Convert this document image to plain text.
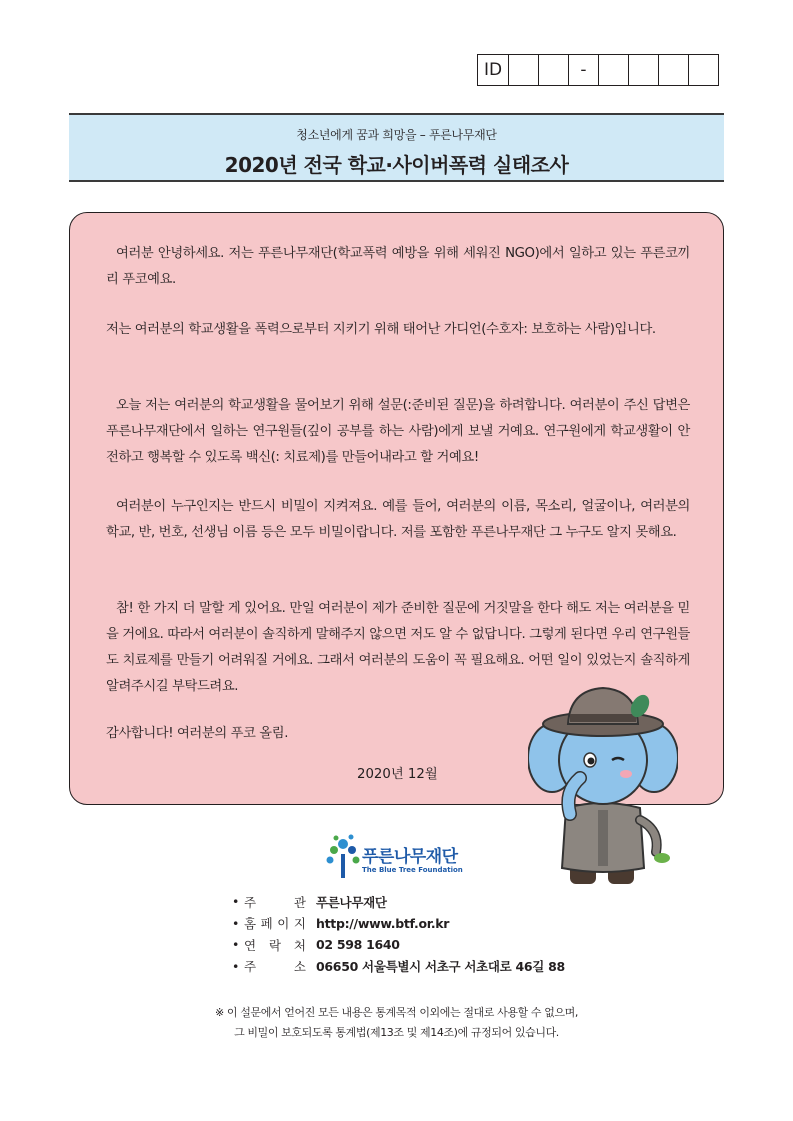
ID	-
청소년에게 꿈과 희망을 – 푸른나무재단
2020년 전국 학교·사이버폭력 실태조사
여러분 안녕하세요. 저는 푸른나무재단(학교폭력 예방을 위해 세워진 NGO)에서 일하고 있는 푸른코끼리 푸코예요.
저는 여러분의 학교생활을 폭력으로부터 지키기 위해 태어난 가디언(수호자: 보호하는 사람)입니다.
오늘 저는 여러분의 학교생활을 물어보기 위해 설문(:준비된 질문)을 하려합니다. 여러분이 주신 답변은 푸른나무재단에서 일하는 연구원들(깊이 공부를 하는 사람)에게 보낼 거예요. 연구원에게 학교생활이 안전하고 행복할 수 있도록 백신(: 치료제)를 만들어내라고 할 거예요!
여러분이 누구인지는 반드시 비밀이 지켜져요. 예를 들어, 여러분의 이름, 목소리, 얼굴이나, 여러분의 학교, 반, 번호, 선생님 이름 등은 모두 비밀이랍니다. 저를 포함한 푸른나무재단 그 누구도 알지 못해요.
참! 한 가지 더 말할 게 있어요. 만일 여러분이 제가 준비한 질문에 거짓말을 한다 해도 저는 여러분을 믿을 거에요. 따라서 여러분이 솔직하게 말해주지 않으면 저도 알 수 없답니다. 그렇게 된다면 우리 연구원들도 치료제를 만들기 어려워질 거에요. 그래서 여러분의 도움이 꼭 필요해요. 어떤 일이 있었는지 솔직하게 알려주시길 부탁드려요.
감사합니다! 여러분의 푸코 올림.
2020년 12월
푸른나무재단
The Blue Tree Foundation
• 주	관 푸른나무재단
• 홈 페 이 지 http://www.btf.or.kr
• 연 락 처 02 598 1640
• 주	소 06650 서울특별시 서초구 서초대로 46길 88
※ 이 설문에서 얻어진 모든 내용은 통계목적 이외에는 절대로 사용할 수 없으며,
그 비밀이 보호되도록 통계법(제13조 및 제14조)에 규정되어 있습니다.
